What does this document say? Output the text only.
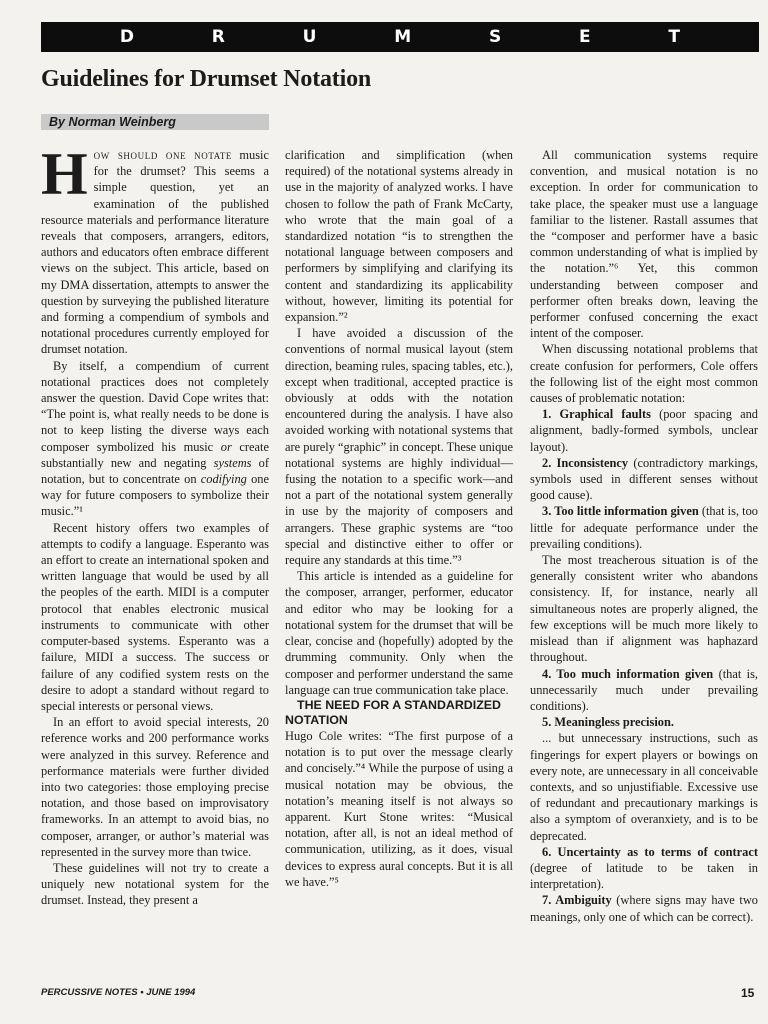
D	R	U	M	S	E	T
Guidelines for Drumset Notation
By Norman Weinberg

H ow should one notate music for the drumset? This seems a simple question, yet an examination of the published resource materials and performance literature reveals that composers, arrangers, editors, authors and educators often embrace different views on the subject. This article, based on my DMA dissertation, attempts to answer the question by surveying the published literature and forming a compendium of symbols and notational procedures currently employed for drumset notation.

By itself, a compendium of current notational practices does not completely answer the question. David Cope writes that: “The point is, what really needs to be done is not to keep listing the diverse ways each composer symbolized his music or create substantially new and negating systems of notation, but to concentrate on codifying one way for future composers to symbolize their music.”¹

Recent history offers two examples of attempts to codify a language. Esperanto was an effort to create an international spoken and written language that would be used by all the peoples of the earth. MIDI is a computer protocol that enables electronic musical instruments to communicate with other computer-based systems. Esperanto was a failure, MIDI a success. The success or failure of any codified system rests on the desire to adopt a standard without regard to special interests or personal views.

In an effort to avoid special interests, 20 reference works and 200 performance works were analyzed in this survey. Reference and performance materials were further divided into two categories: those employing precise notation, and those based on improvisatory frameworks. In an attempt to avoid bias, no composer, arranger, or author’s material was represented in the survey more than twice.

These guidelines will not try to create a uniquely new notational system for the drumset. Instead, they present a

clarification and simplification (when required) of the notational systems already in use in the majority of analyzed works. I have chosen to follow the path of Frank McCarty, who wrote that the main goal of a standardized notation “is to strengthen the notational language between composers and performers by simplifying and clarifying its content and standardizing its applicability without, however, limiting its potential for expansion.”²

I have avoided a discussion of the conventions of normal musical layout (stem direction, beaming rules, spacing tables, etc.), except when traditional, accepted practice is obviously at odds with the notation encountered during the analysis. I have also avoided working with notational systems that are purely “graphic” in concept. These unique notational systems are highly individual—fusing the notation to a specific work—and not a part of the notational system generally in use by the majority of composers and arrangers. These graphic systems are “too special and distinctive either to offer or require any standards at this time.”³

This article is intended as a guideline for the composer, arranger, performer, educator and editor who may be looking for a notational system for the drumset that will be clear, concise and (hopefully) adopted by the drumming community. Only when the composer and performer understand the same language can true communication take place.

THE NEED FOR A STANDARDIZED NOTATION

Hugo Cole writes: “The first purpose of a notation is to put over the message clearly and concisely.”⁴ While the purpose of using a musical notation may be obvious, the notation’s meaning itself is not always so apparent. Kurt Stone writes: “Musical notation, after all, is not an ideal method of communication, utilizing, as it does, visual devices to express aural concepts. But it is all we have.”⁵

All communication systems require convention, and musical notation is no exception. In order for communication to take place, the speaker must use a language familiar to the listener. Rastall assumes that the “composer and performer have a basic common understanding of what is implied by the notation.”⁶ Yet, this common understanding between composer and performer often breaks down, leaving the performer confused concerning the exact intent of the composer.

When discussing notational problems that create confusion for performers, Cole offers the following list of the eight most common causes of problematic notation:

1. Graphical faults (poor spacing and alignment, badly-formed symbols, unclear layout).

2. Inconsistency (contradictory markings, symbols used in different senses without good cause).

3. Too little information given (that is, too little for adequate performance under the prevailing conditions).

The most treacherous situation is of the generally consistent writer who abandons consistency. If, for instance, nearly all simultaneous notes are properly aligned, the few exceptions will be much more likely to mislead than if alignment was haphazard throughout.

4. Too much information given (that is, unnecessarily much under prevailing conditions).

5. Meaningless precision.

... but unnecessary instructions, such as fingerings for expert players or bowings on every note, are unnecessary in all conceivable contexts, and so unjustifiable. Excessive use of redundant and precautionary markings is also a symptom of overanxiety, and is to be deprecated.

6. Uncertainty as to terms of contract (degree of latitude to be taken in interpretation).

7. Ambiguity (where signs may have two meanings, only one of which can be correct).

PERCUSSIVE NOTES • JUNE 1994	15
